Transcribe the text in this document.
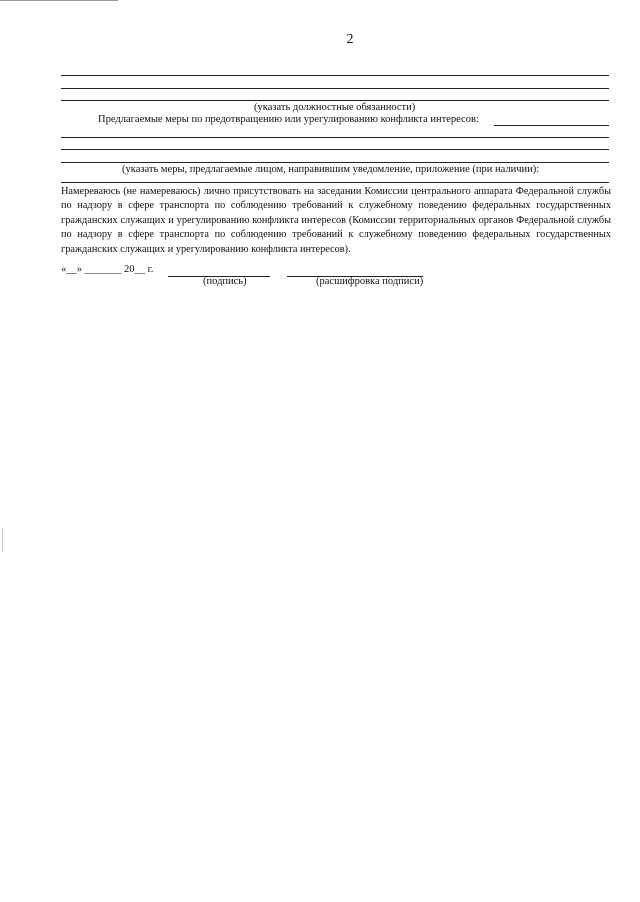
2
(указать должностные обязанности)
Предлагаемые меры по предотвращению или урегулированию конфликта интересов:
(указать меры, предлагаемые лицом, направившим уведомление, приложение (при наличии):
Намереваюсь (не намереваюсь) лично присутствовать на заседании Комиссии центрального аппарата Федеральной службы по надзору в сфере транспорта по соблюдению требований к служебному поведению федеральных государственных гражданских служащих и урегулированию конфликта интересов (Комиссии территориальных органов Федеральной службы по надзору в сфере транспорта по соблюдению требований к служебному поведению федеральных государственных гражданских служащих и урегулированию конфликта интересов).
«__» _______ 20__ г.
(подпись)	(расшифровка подписи)
